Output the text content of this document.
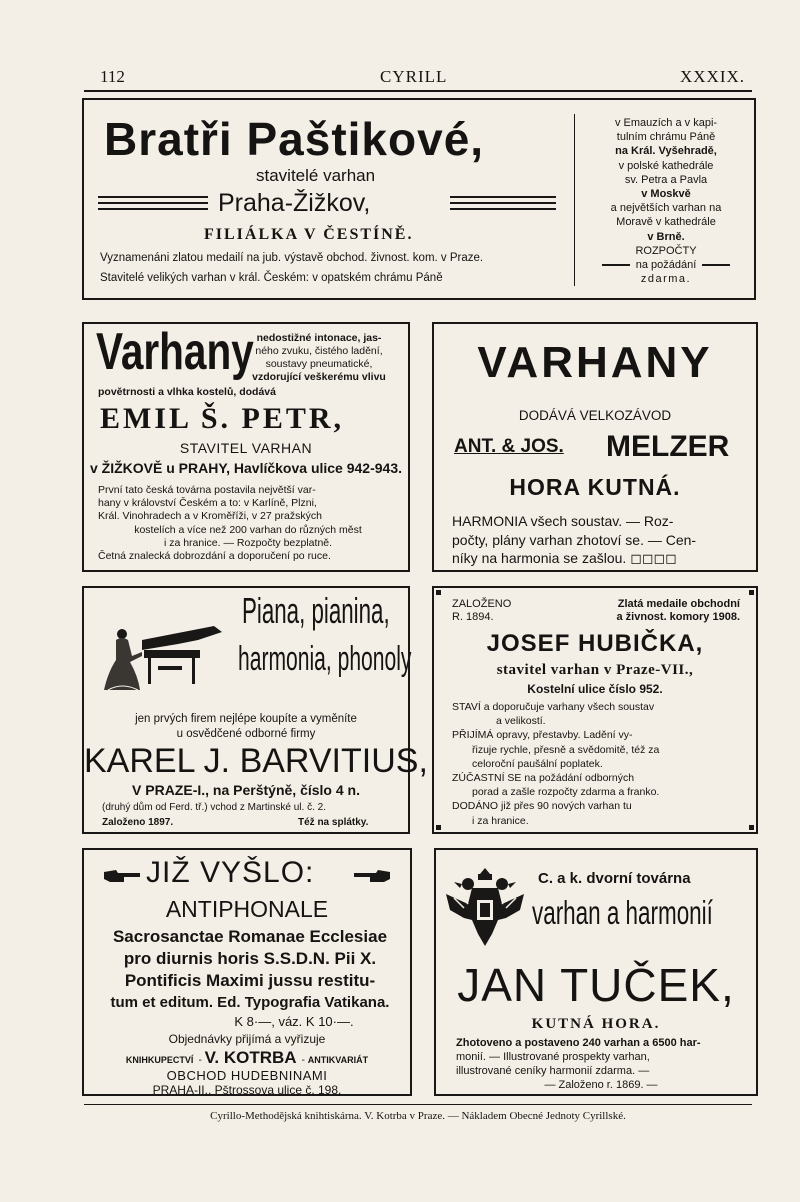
112	CYRILL	XXXIX.
Bratři Paštikové,
stavitelé varhan
Praha-Žižkov,
FILIÁLKA V ČESTÍNĚ.
Vyznamenáni zlatou medailí na jub. výstavě obchod. živnost. kom. v Praze.
Stavitelé velikých varhan v král. Českém: v opatském chrámu Páně
v Emauzích a v kapi-
tulním chrámu Páně
na Král. Vyšehradě,
v polské kathedrále
sv. Petra a Pavla
v Moskvě
a největších varhan na
Moravě v kathedrále
v Brně.
ROZPOČTY
na požádání
zdarma.
Varhany nedostižné intonace, jas-
ného zvuku, čistého ladění,
soustavy pneumatické,
vzdorující veškerému vlivu
povětrnosti a vlhka kostelů, dodává
EMIL Š. PETR,
STAVITEL VARHAN
v ŽIŽKOVĚ u PRAHY, Havlíčkova ulice 942-943.
První tato česká továrna postavila největší var-
hany v království Českém a to: v Karlíně, Plzni,
Král. Vinohradech a v Kroměříži, v 27 pražských
kostelích a více než 200 varhan do různých měst
i za hranice. — Rozpočty bezplatně.
Četná znalecká dobrozdání a doporučení po ruce.
VARHANY
DODÁVÁ VELKOZÁVOD
ANT. & JOS. MELZER
HORA KUTNÁ.
HARMONIA všech soustav. — Roz-
počty, plány varhan zhotoví se. — Cen-
níky na harmonia se zašlou. ◻◻◻◻
Piana, pianina,
harmonia, phonoly
jen prvých firem nejlépe koupíte a vyměníte
u osvědčené odborné firmy
KAREL J. BARVITIUS,
V PRAZE-I., na Perštýně, číslo 4 n.
(druhý dům od Ferd. tř.) vchod z Martinské ul. č. 2.
Založeno 1897.	Též na splátky.
ZALOŽENO
R. 1894.
Zlatá medaile obchodní
a živnost. komory 1908.
JOSEF HUBIČKA,
stavitel varhan v Praze-VII.,
Kostelní ulice číslo 952.
STAVÍ a doporučuje varhany všech soustav
a velikostí.
PŘIJÍMÁ opravy, přestavby. Ladění vy-
řizuje rychle, přesně a svědomitě, též za
celoroční paušální poplatek.
ZÚČASTNÍ SE na požádání odborných
porad a zašle rozpočty zdarma a franko.
DODÁNO již přes 90 nových varhan tu
i za hranice.
JIŽ VYŠLO:
ANTIPHONALE
Sacrosanctae Romanae Ecclesiae
pro diurnis horis S.S.D.N. Pii X.
Pontificis Maximi jussu restitu-
tum et editum. Ed. Typografia Vatikana.
K 8·—, váz. K 10·—.
Objednávky přijímá a vyřizuje
KNIHKUPECTVÍ - V. KOTRBA - ANTIKVARIÁT
OBCHOD HUDEBNINAMI
PRAHA-II., Pštrossova ulice č. 198.
C. a k. dvorní továrna
varhan a harmonií
JAN TUČEK,
KUTNÁ HORA.
Zhotoveno a postaveno 240 varhan a 6500 har-
monií. — Illustrované prospekty varhan,
illustrované ceníky harmonií zdarma. —
— Založeno r. 1869. —
Cyrillo-Methodějská knihtiskárna. V. Kotrba v Praze. — Nákladem Obecné Jednoty Cyrillské.
